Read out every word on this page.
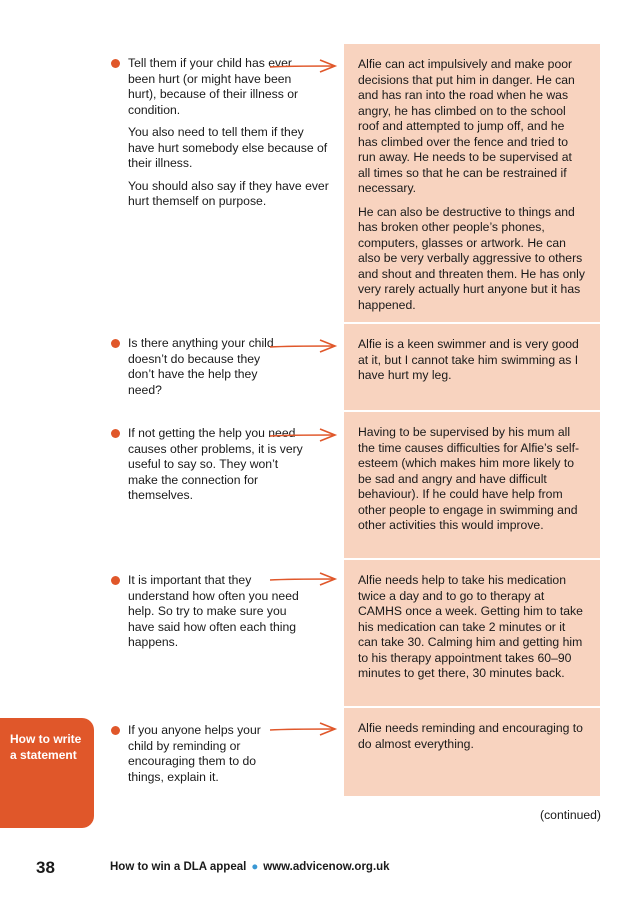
Tell them if your child has ever been hurt (or might have been hurt), because of their illness or condition.

You also need to tell them if they have hurt somebody else because of their illness.

You should also say if they have ever hurt themself on purpose.

Alfie can act impulsively and make poor decisions that put him in danger. He can and has ran into the road when he was angry, he has climbed on to the school roof and attempted to jump off, and he has climbed over the fence and tried to run away. He needs to be supervised at all times so that he can be restrained if necessary.

He can also be destructive to things and has broken other people’s phones, computers, glasses or artwork. He can also be very verbally aggressive to others and shout and threaten them. He has only very rarely actually hurt anyone but it has happened.

Is there anything your child doesn’t do because they don’t have the help they need?

Alfie is a keen swimmer and is very good at it, but I cannot take him swimming as I have hurt my leg.

If not getting the help you need causes other problems, it is very useful to say so. They won’t make the connection for themselves.

Having to be supervised by his mum all the time causes difficulties for Alfie’s self-esteem (which makes him more likely to be sad and angry and have difficult behaviour). If he could have help from other people to engage in swimming and other activities this would improve.

It is important that they understand how often you need help. So try to make sure you have said how often each thing happens.

Alfie needs help to take his medication twice a day and to go to therapy at CAMHS once a week. Getting him to take his medication can take 2 minutes or it can take 30. Calming him and getting him to his therapy appointment takes 60–90 minutes to get there, 30 minutes back.

If you anyone helps your child by reminding or encouraging them to do things, explain it.

Alfie needs reminding and encouraging to do almost everything.

How to write
a statement
(continued)
38	How to win a DLA appeal ● www.advicenow.org.uk
